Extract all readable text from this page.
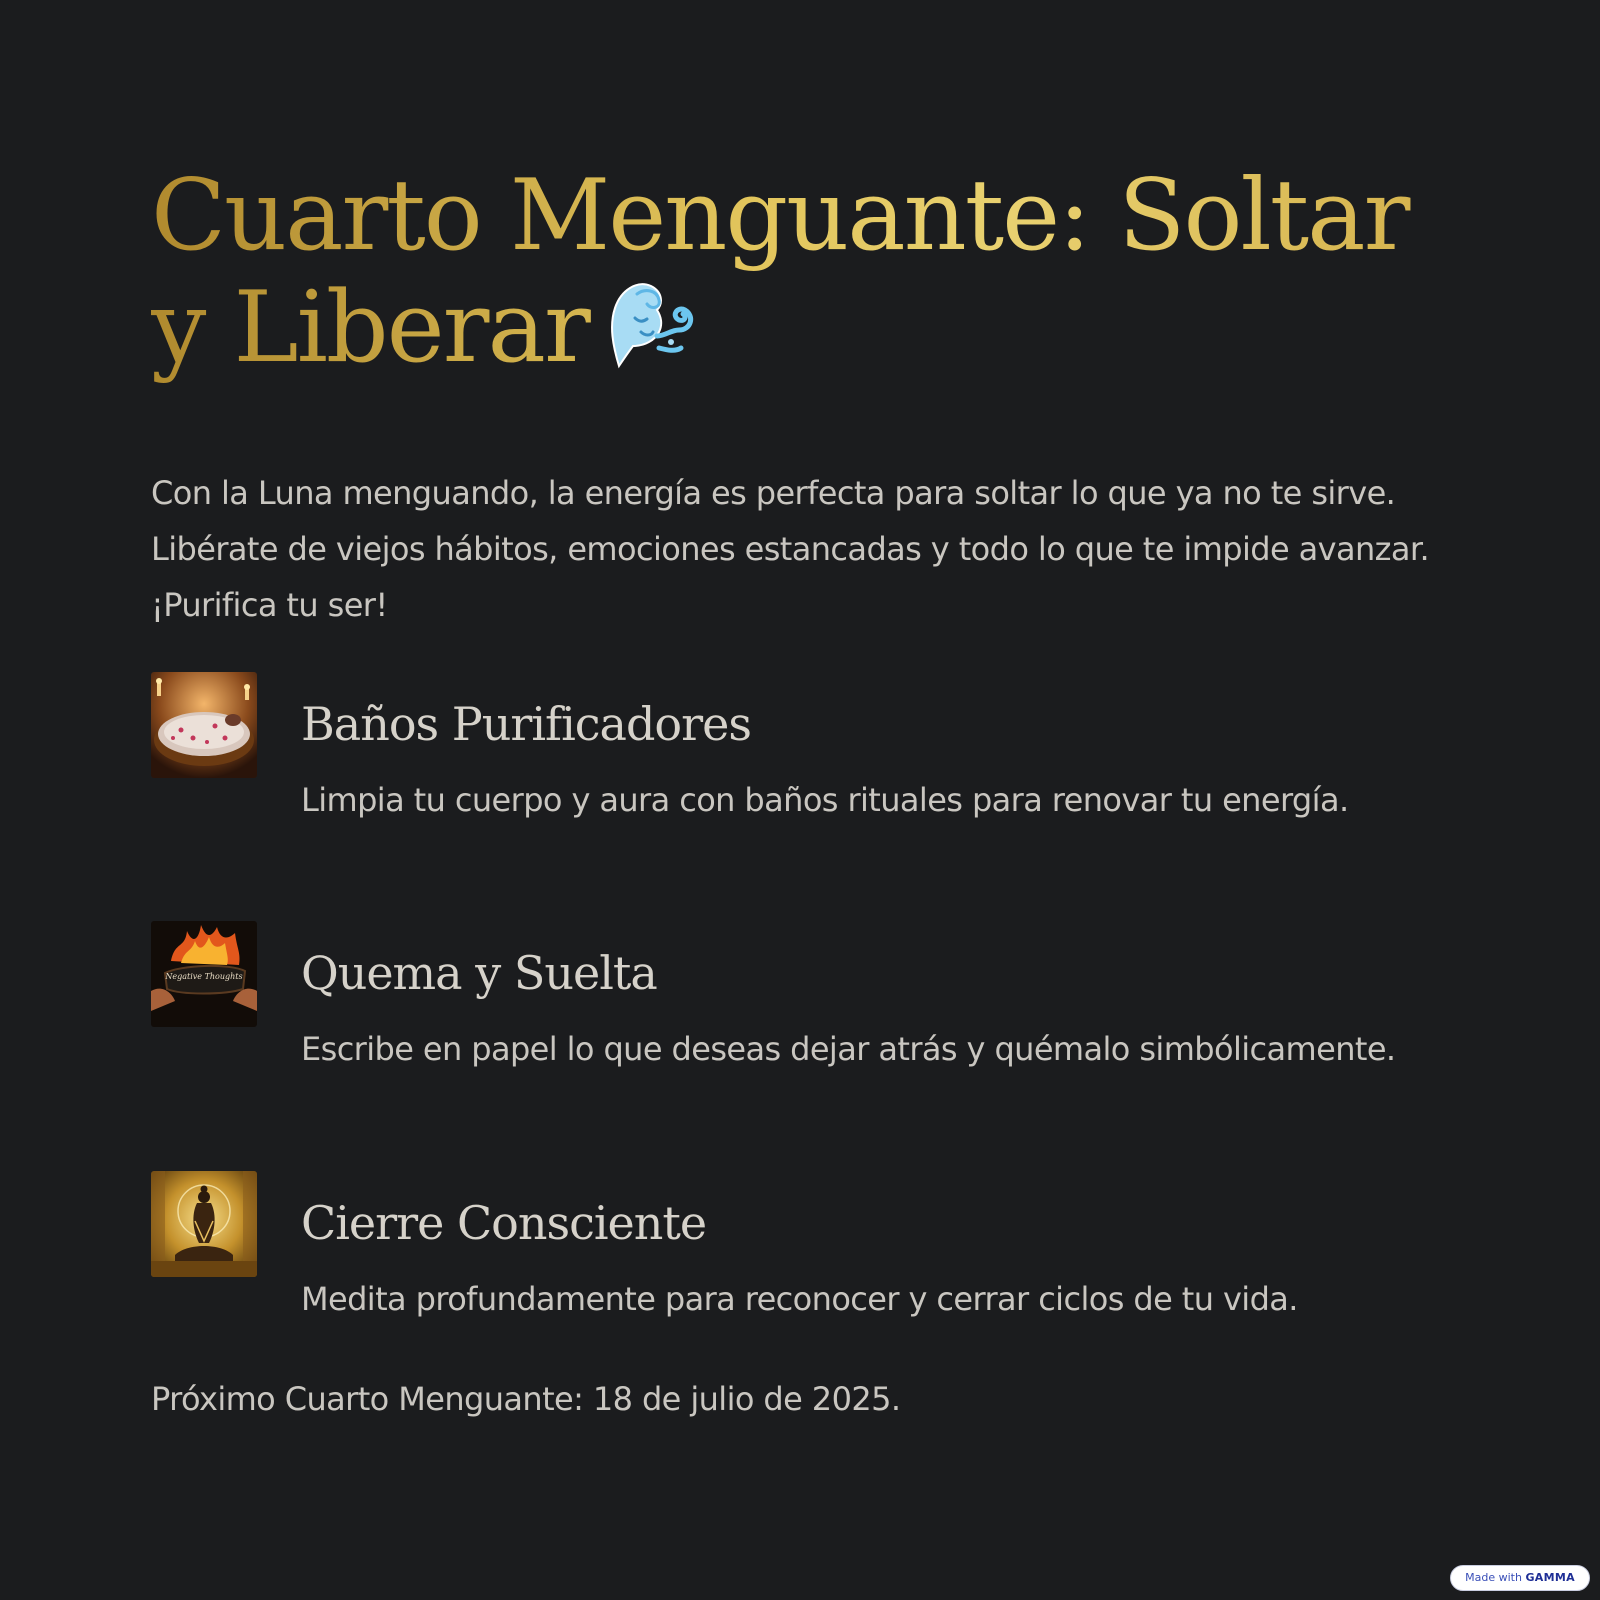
Cuarto Menguante: Soltar y Liberar

Con la Luna menguando, la energía es perfecta para soltar lo que ya no te sirve. Libérate de viejos hábitos, emociones estancadas y todo lo que te impide avanzar. ¡Purifica tu ser!

Baños Purificadores

Limpia tu cuerpo y aura con baños rituales para renovar tu energía.

Negative Thoughts Quema y Suelta

Escribe en papel lo que deseas dejar atrás y quémalo simbólicamente.

Cierre Consciente

Medita profundamente para reconocer y cerrar ciclos de tu vida.

Próximo Cuarto Menguante: 18 de julio de 2025.

Made with GAMMA
